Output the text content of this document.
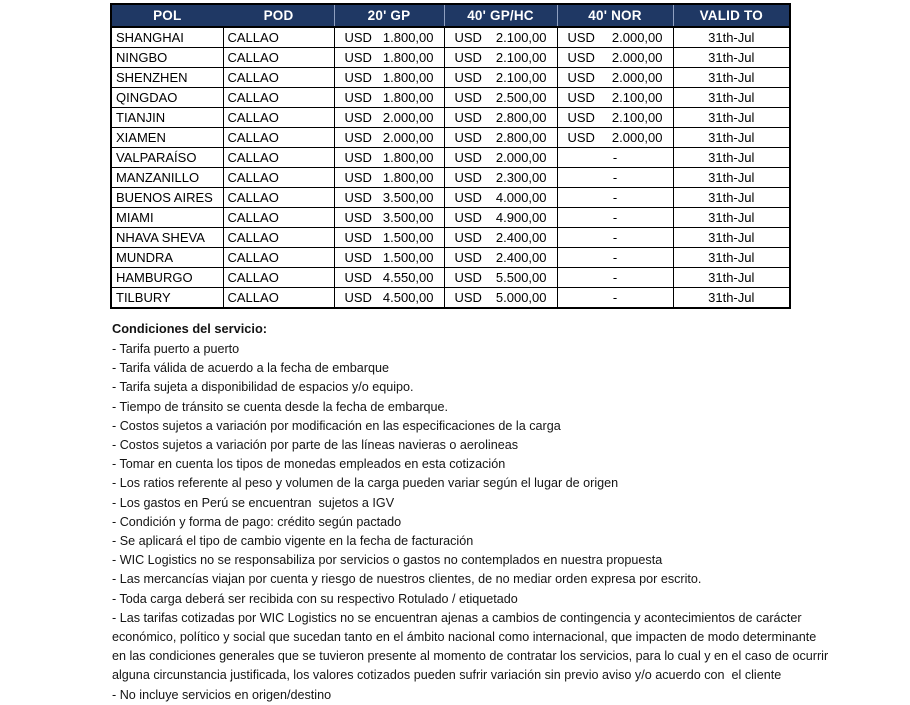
POL	POD	20' GP	40' GP/HC	40' NOR	VALID TO
SHANGHAI	CALLAO	USD 1.800,00	USD 2.100,00	USD 2.000,00	31th-Jul
NINGBO	CALLAO	USD 1.800,00	USD 2.100,00	USD 2.000,00	31th-Jul
SHENZHEN	CALLAO	USD 1.800,00	USD 2.100,00	USD 2.000,00	31th-Jul
QINGDAO	CALLAO	USD 1.800,00	USD 2.500,00	USD 2.100,00	31th-Jul
TIANJIN	CALLAO	USD 2.000,00	USD 2.800,00	USD 2.100,00	31th-Jul
XIAMEN	CALLAO	USD 2.000,00	USD 2.800,00	USD 2.000,00	31th-Jul
VALPARAÍSO	CALLAO	USD 1.800,00	USD 2.000,00	-	31th-Jul
MANZANILLO	CALLAO	USD 1.800,00	USD 2.300,00	-	31th-Jul
BUENOS AIRES	CALLAO	USD 3.500,00	USD 4.000,00	-	31th-Jul
MIAMI	CALLAO	USD 3.500,00	USD 4.900,00	-	31th-Jul
NHAVA SHEVA	CALLAO	USD 1.500,00	USD 2.400,00	-	31th-Jul
MUNDRA	CALLAO	USD 1.500,00	USD 2.400,00	-	31th-Jul
HAMBURGO	CALLAO	USD 4.550,00	USD 5.500,00	-	31th-Jul
TILBURY	CALLAO	USD 4.500,00	USD 5.000,00	-	31th-Jul
Condiciones del servicio:
- Tarifa puerto a puerto
- Tarifa válida de acuerdo a la fecha de embarque
- Tarifa sujeta a disponibilidad de espacios y/o equipo.
- Tiempo de tránsito se cuenta desde la fecha de embarque.
- Costos sujetos a variación por modificación en las especificaciones de la carga
- Costos sujetos a variación por parte de las líneas navieras o aerolineas
- Tomar en cuenta los tipos de monedas empleados en esta cotización
- Los ratios referente al peso y volumen de la carga pueden variar según el lugar de origen
- Los gastos en Perú se encuentran  sujetos a IGV
- Condición y forma de pago: crédito según pactado
- Se aplicará el tipo de cambio vigente en la fecha de facturación
- WIC Logistics no se responsabiliza por servicios o gastos no contemplados en nuestra propuesta
- Las mercancías viajan por cuenta y riesgo de nuestros clientes, de no mediar orden expresa por escrito.
- Toda carga deberá ser recibida con su respectivo Rotulado / etiquetado
- Las tarifas cotizadas por WIC Logistics no se encuentran ajenas a cambios de contingencia y acontecimientos de carácter económico, político y social que sucedan tanto en el ámbito nacional como internacional, que impacten de modo determinante en las condiciones generales que se tuvieron presente al momento de contratar los servicios, para lo cual y en el caso de ocurrir alguna circunstancia justificada, los valores cotizados pueden sufrir variación sin previo aviso y/o acuerdo con  el cliente
- No incluye servicios en origen/destino
